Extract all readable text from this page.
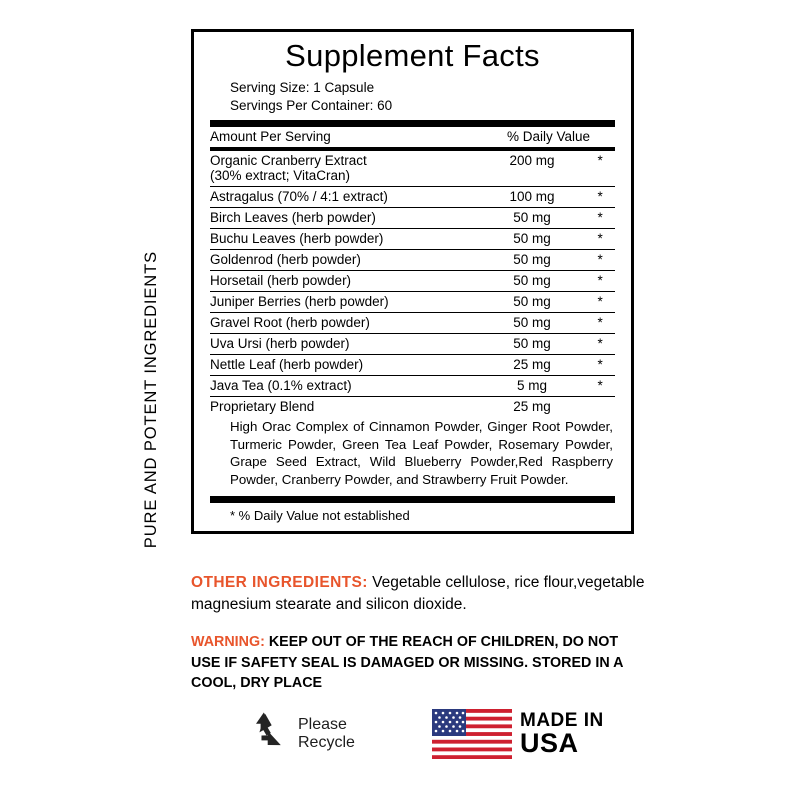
PURE AND POTENT INGREDIENTS
Supplement Facts
Serving Size: 1 Capsule
Servings Per Container: 60
Amount Per Serving	% Daily Value
Organic Cranberry Extract
(30% extract; VitaCran)	200 mg	*
Astragalus (70% / 4:1 extract)	100 mg	*
Birch Leaves (herb powder)	50 mg	*
Buchu Leaves (herb powder)	50 mg	*
Goldenrod (herb powder)	50 mg	*
Horsetail (herb powder)	50 mg	*
Juniper Berries (herb powder)	50 mg	*
Gravel Root (herb powder)	50 mg	*
Uva Ursi (herb powder)	50 mg	*
Nettle Leaf (herb powder)	25 mg	*
Java Tea (0.1% extract)	5 mg	*
Proprietary Blend	25 mg	
High Orac Complex of Cinnamon Powder, Ginger Root Powder, Turmeric Powder, Green Tea Leaf Powder, Rosemary Powder, Grape Seed Extract, Wild Blueberry Powder,Red Raspberry Powder, Cranberry Powder, and Strawberry Fruit Powder.
* % Daily Value not established
OTHER INGREDIENTS: Vegetable cellulose, rice flour,vegetable magnesium stearate and silicon dioxide.
WARNING: KEEP OUT OF THE REACH OF CHILDREN, DO NOT USE IF SAFETY SEAL IS DAMAGED OR MISSING. STORED IN A COOL, DRY PLACE
Please
Recycle
MADE IN
USA
